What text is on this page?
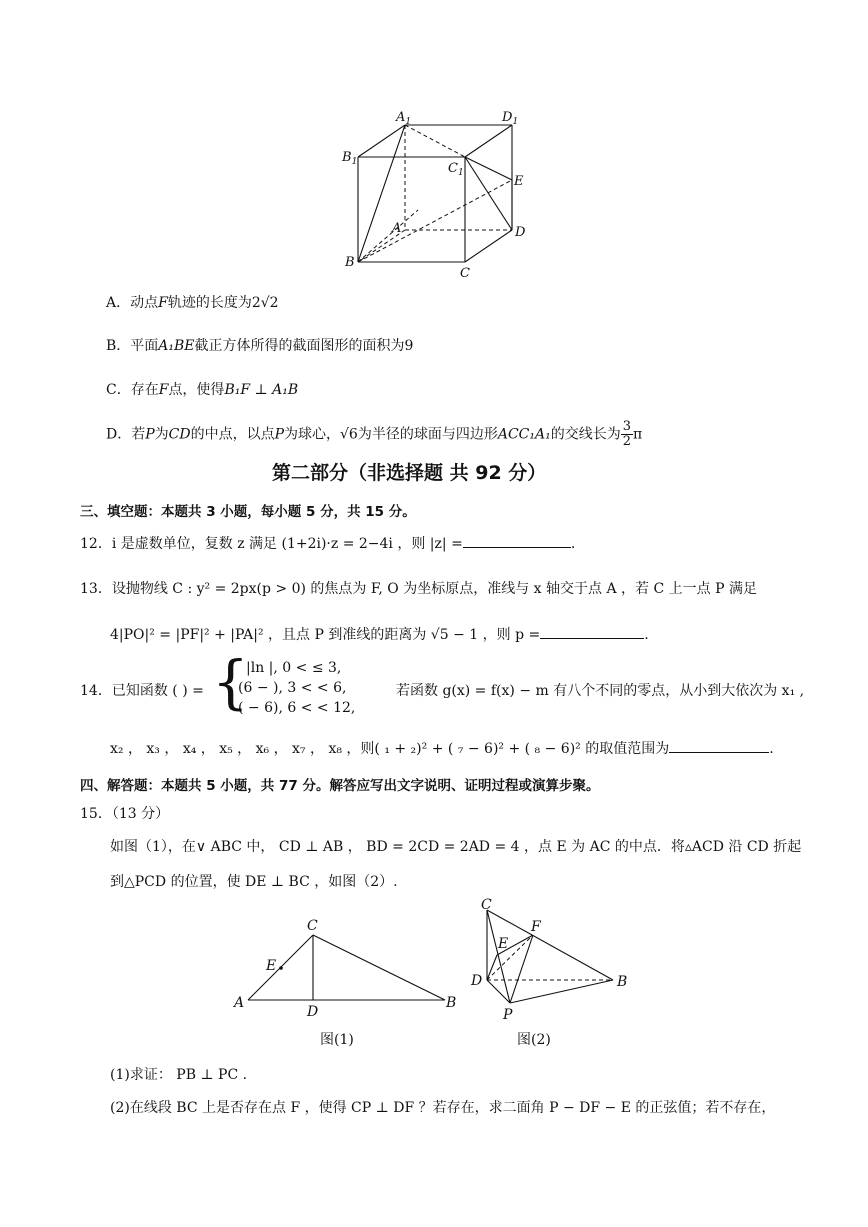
$A_1$	$D_1$
$B_1$	$C_1$
E
A	D
B
C
A．动点F轨迹的长度为2√2
B．平面A₁BE截正方体所得的截面图形的面积为9
C．存在F点，使得B₁F ⊥ A₁B
D．若P为CD的中点，以点P为球心，√6为半径的球面与四边形ACC₁A₁的交线长为 $\frac{3}{2}$ π
第二部分（非选择题 共 92 分）
三、填空题：本题共 3 小题，每小题 5 分，共 15 分。
12．i 是虚数单位，复数 z 满足 (1+2i)·z = 2−4i ，则 |z| =	.
13．设抛物线 C : y² = 2px(p > 0) 的焦点为 F, O 为坐标原点，准线与 x 轴交于点 A ，若 C 上一点 P 满足
4|PO|² = |PF|² + |PA|² ，且点 P 到准线的距离为 √5 − 1 ，则 p =	.
14．已知函数 ( ) = {
|ln |, 0 < ≤ 3,
(6 − ), 3 < < 6,
( − 6), 6 < < 12,
若函数 g(x) = f(x) − m 有八个不同的零点，从小到大依次为 x₁ ,
x₂ ， x₃ ， x₄ ， x₅ ， x₆ ， x₇ ， x₈ ，则( ₁ + ₂)² + ( ₇ − 6)² + ( ₈ − 6)² 的取值范围为	.
四、解答题：本题共 5 小题，共 77 分。解答应写出文字说明、证明过程或演算步聚。
15．（13 分）
如图（1），在∨ ABC 中， CD ⊥ AB ， BD = 2CD = 2AD = 4 ，点 E 为 AC 的中点．将▵ACD 沿 CD 折起
到△PCD 的位置，使 DE ⊥ BC ，如图（2）.
C
E
A
D
B
图(1)
C
F
E
D	B
P
图(2)
(1)求证： PB ⊥ PC .
(2)在线段 BC 上是否存在点 F ，使得 CP ⊥ DF ？若存在，求二面角 P − DF − E 的正弦值；若不存在，
